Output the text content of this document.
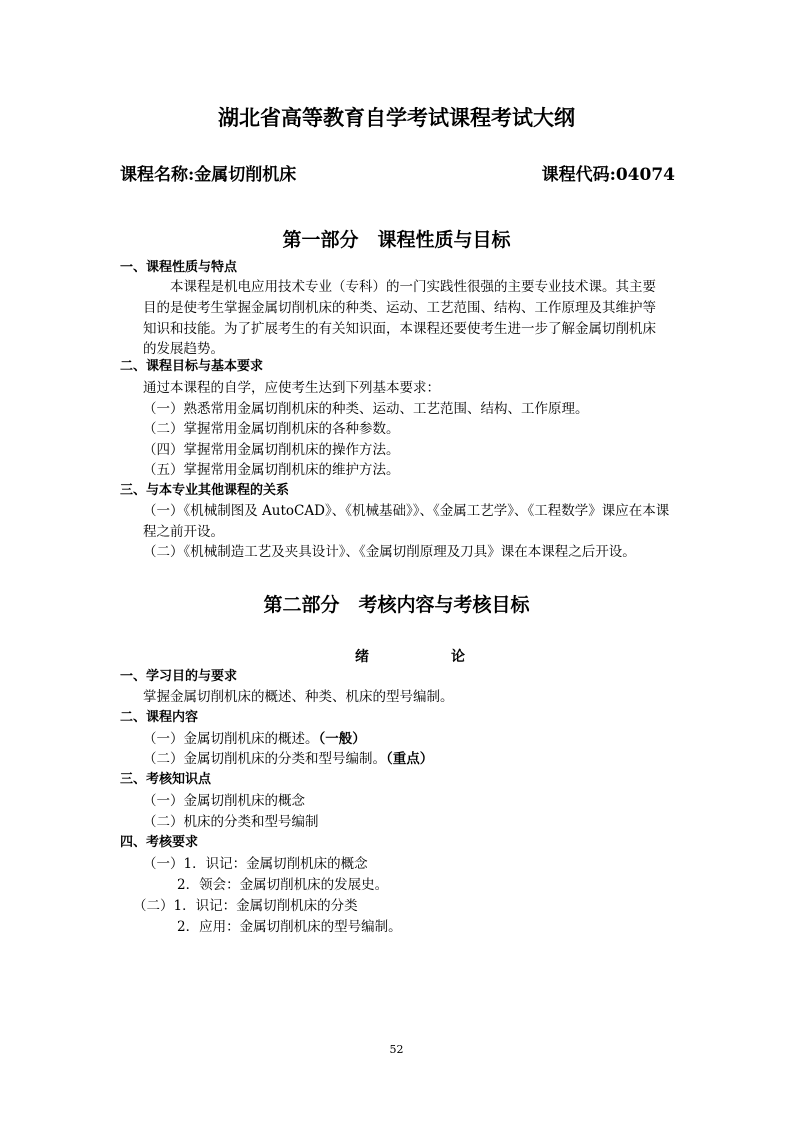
湖北省高等教育自学考试课程考试大纲
课程名称:金属切削机床	课程代码:04074
第一部分　课程性质与目标
一、课程性质与特点
本课程是机电应用技术专业（专科）的一门实践性很强的主要专业技术课。其主要
目的是使考生掌握金属切削机床的种类、运动、工艺范围、结构、工作原理及其维护等
知识和技能。为了扩展考生的有关知识面，本课程还要使考生进一步了解金属切削机床
的发展趋势。
二、课程目标与基本要求
通过本课程的自学，应使考生达到下列基本要求：
（一）熟悉常用金属切削机床的种类、运动、工艺范围、结构、工作原理。
（二）掌握常用金属切削机床的各种参数。
（四）掌握常用金属切削机床的操作方法。
（五）掌握常用金属切削机床的维护方法。
三、与本专业其他课程的关系
（一）《机械制图及 AutoCAD》、《机械基础》》、《金属工艺学》、《工程数学》课应在本课
程之前开设。
（二）《机械制造工艺及夹具设计》、《金属切削原理及刀具》课在本课程之后开设。
第二部分　考核内容与考核目标
绪	论
一、学习目的与要求
掌握金属切削机床的概述、种类、机床的型号编制。
二、课程内容
（一）金属切削机床的概述。（一般）
（二）金属切削机床的分类和型号编制。（重点）
三、考核知识点
（一）金属切削机床的概念
（二）机床的分类和型号编制
四、考核要求
（一）1．识记：金属切削机床的概念
2．领会：金属切削机床的发展史。
（二）1．识记：金属切削机床的分类
2．应用：金属切削机床的型号编制。
52
